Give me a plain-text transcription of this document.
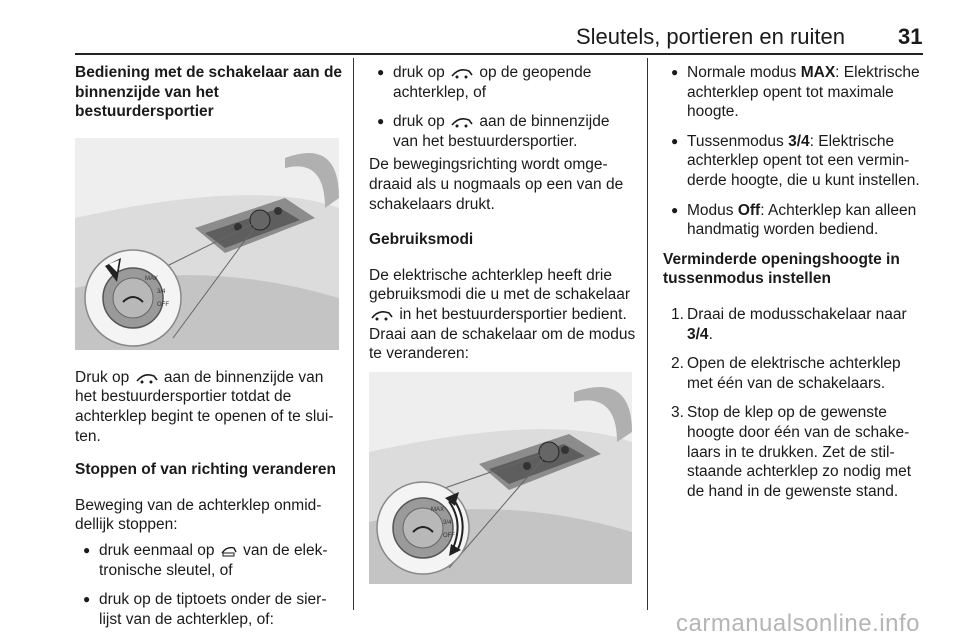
Sleutels, portieren en ruiten 31

Bediening met de schakelaar aan de binnenzijde van het bestuurdersportier

MAX
3/4
OFF

Druk op aan de binnenzijde van het bestuurdersportier totdat de achterklep begint te openen of te sluiten.

Stoppen of van richting veranderen

Beweging van de achterklep onmiddellijk stoppen:

● druk eenmaal op van de elektronische sleutel, of
● druk op de tiptoets onder de sierlijst van de achterklep, of:
● druk op op de geopende achterklep, of
● druk op aan de binnenzijde van het bestuurdersportier.

De bewegingsrichting wordt omgedraaid als u nogmaals op een van de schakelaars drukt.

Gebruiksmodi

De elektrische achterklep heeft drie gebruiksmodi die u met de schakelaar  in het bestuurdersportier bedient. Draai aan de schakelaar om de modus te veranderen:

MAX
3/4
OFF
● Normale modus MAX: Elektrische achterklep opent tot maximale hoogte.
● Tussenmodus 3/4: Elektrische achterklep opent tot een verminderde hoogte, die u kunt instellen.
● Modus Off: Achterklep kan alleen handmatig worden bediend.

Verminderde openingshoogte in tussenmodus instellen

1. Draai de modusschakelaar naar 3/4.
2. Open de elektrische achterklep met één van de schakelaars.
3. Stop de klep op de gewenste hoogte door één van de schakelaars in te drukken. Zet de stilstaande achterklep zo nodig met de hand in de gewenste stand.
carmanualsonline.info
